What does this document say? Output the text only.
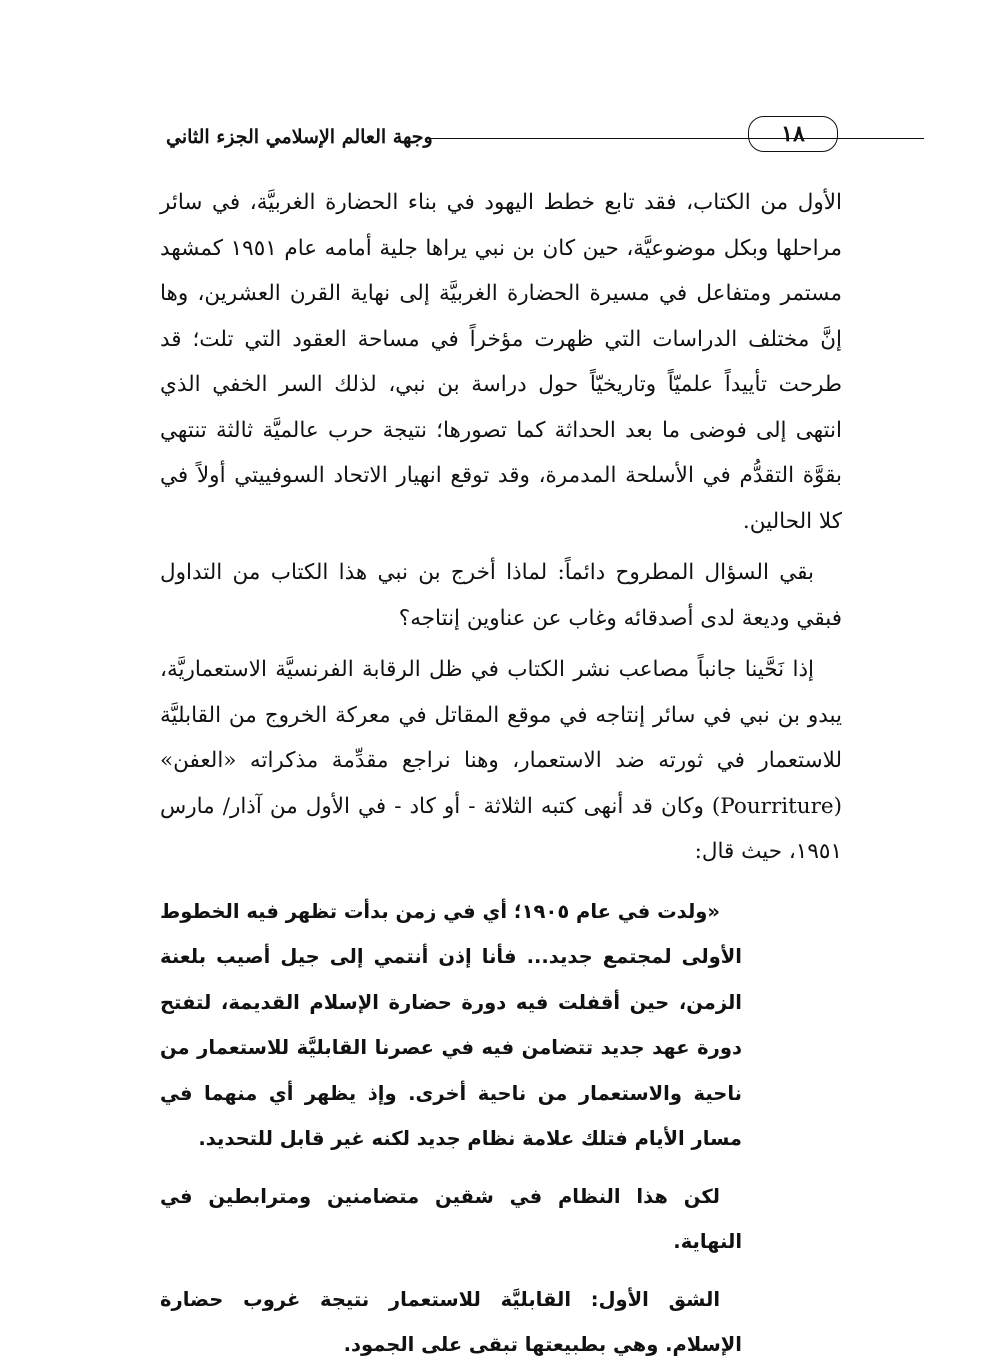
وجهة العالم الإسلامي الجزء الثاني	١٨

الأول من الكتاب، فقد تابع خطط اليهود في بناء الحضارة الغربيَّة، في سائر مراحلها وبكل موضوعيَّة، حين كان بن نبي يراها جلية أمامه عام ١٩٥١ كمشهد مستمر ومتفاعل في مسيرة الحضارة الغربيَّة إلى نهاية القرن العشرين، وها إنَّ مختلف الدراسات التي ظهرت مؤخراً في مساحة العقود التي تلت؛ قد طرحت تأييداً علميّاً وتاريخيّاً حول دراسة بن نبي، لذلك السر الخفي الذي انتهى إلى فوضى ما بعد الحداثة كما تصورها؛ نتيجة حرب عالميَّة ثالثة تنتهي بقوَّة التقدُّم في الأسلحة المدمرة، وقد توقع انهيار الاتحاد السوفييتي أولاً في كلا الحالين.

بقي السؤال المطروح دائماً: لماذا أخرج بن نبي هذا الكتاب من التداول فبقي وديعة لدى أصدقائه وغاب عن عناوين إنتاجه؟

إذا نَحَّينا جانباً مصاعب نشر الكتاب في ظل الرقابة الفرنسيَّة الاستعماريَّة، يبدو بن نبي في سائر إنتاجه في موقع المقاتل في معركة الخروج من القابليَّة للاستعمار في ثورته ضد الاستعمار، وهنا نراجع مقدِّمة مذكراته «العفن» (Pourriture) وكان قد أنهى كتبه الثلاثة - أو كاد - في الأول من آذار/ مارس ١٩٥١، حيث قال:

«ولدت في عام ١٩٠٥؛ أي في زمن بدأت تظهر فيه الخطوط الأولى لمجتمع جديد... فأنا إذن أنتمي إلى جيل أصيب بلعنة الزمن، حين أقفلت فيه دورة حضارة الإسلام القديمة، لتفتح دورة عهد جديد تتضامن فيه في عصرنا القابليَّة للاستعمار من ناحية والاستعمار من ناحية أخرى. وإذ يظهر أي منهما في مسار الأيام فتلك علامة نظام جديد لكنه غير قابل للتحديد.

لكن هذا النظام في شقين متضامنين ومترابطين في النهاية.

الشق الأول: القابليَّة للاستعمار نتيجة غروب حضارة الإسلام. وهي بطبيعتها تبقى على الجمود.
